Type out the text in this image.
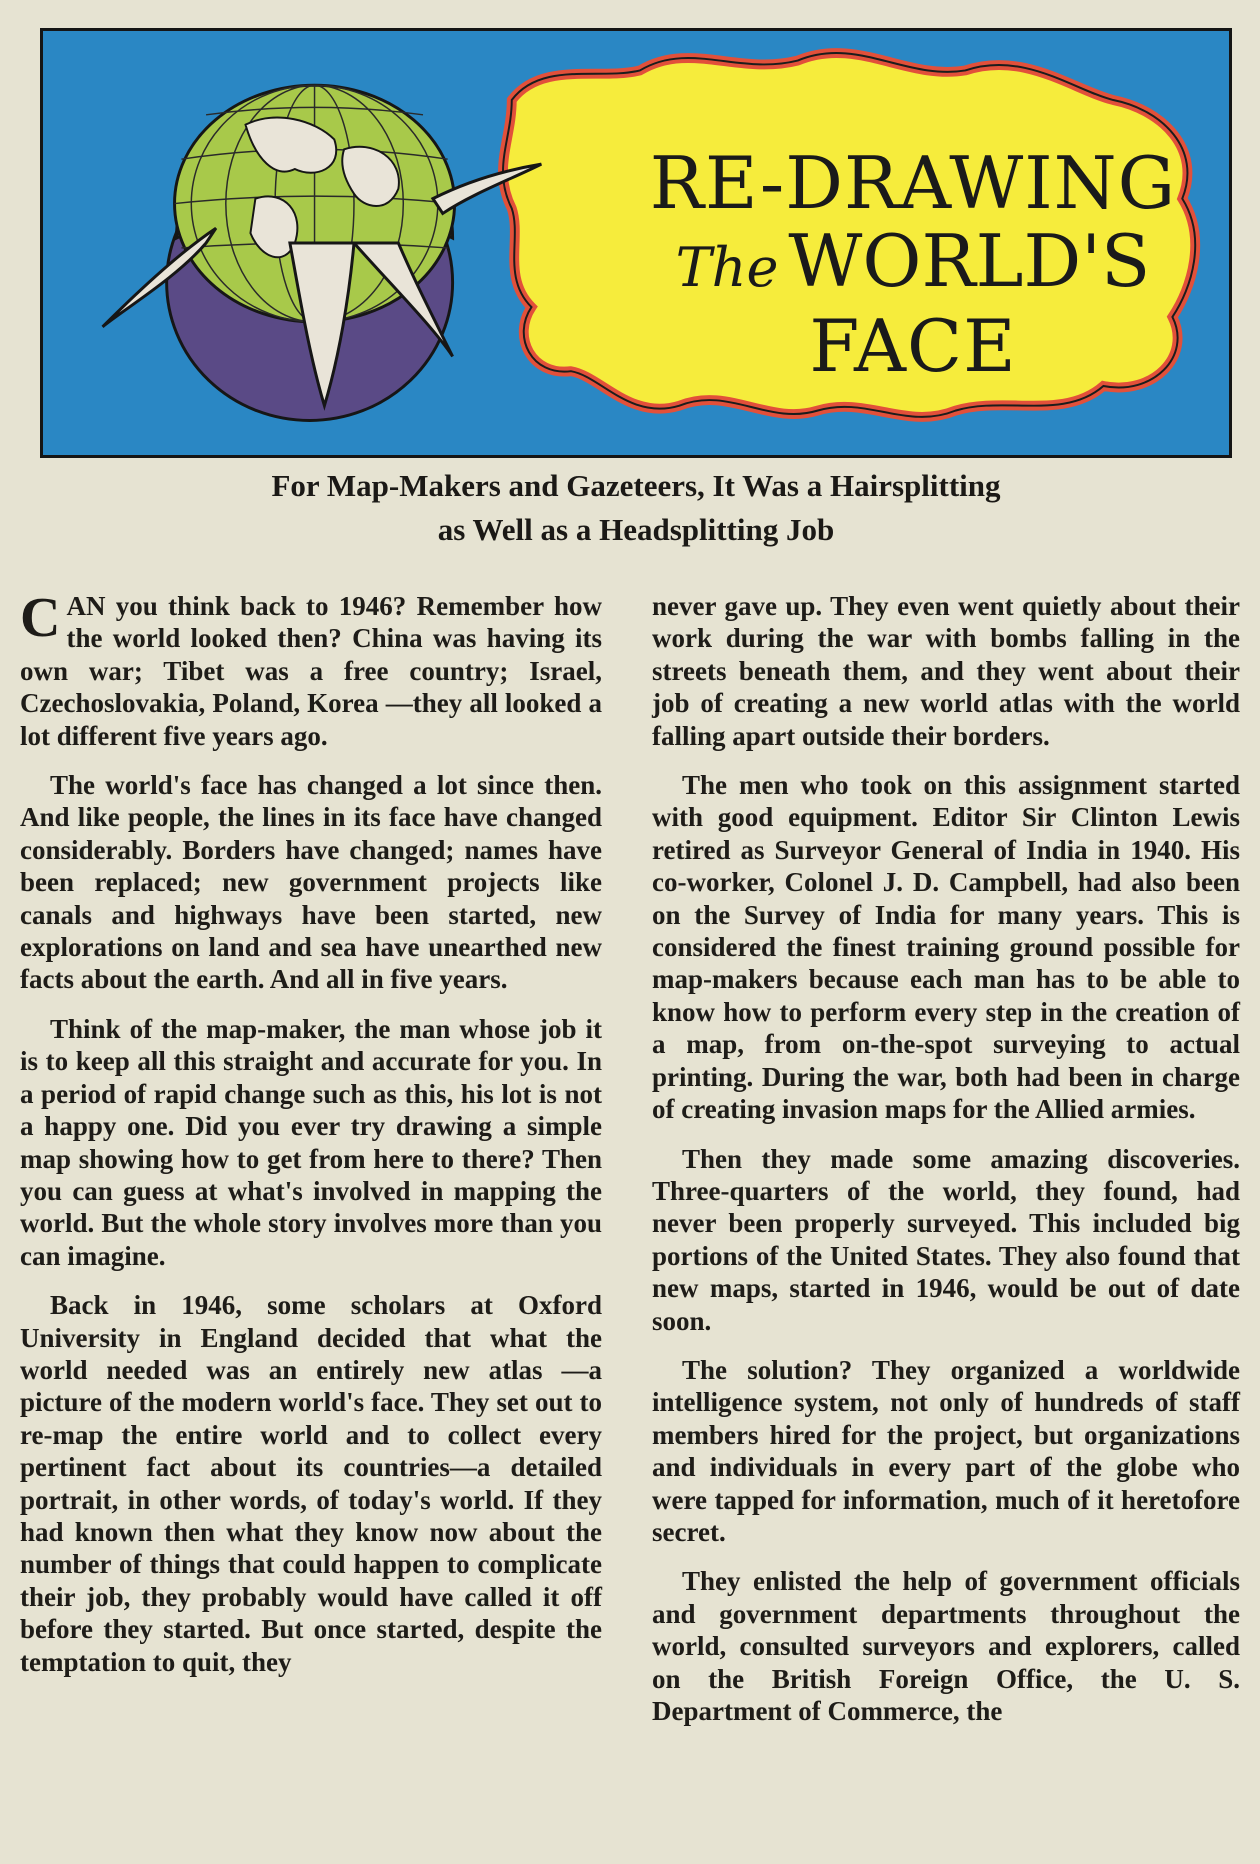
RE-DRAWING
The WORLD'S
FACE
For Map-Makers and Gazeteers, It Was a Hairsplitting
as Well as a Headsplitting Job

CAN you think back to 1946? Remember how the world looked then? China was having its own war; Tibet was a free country; Israel, Czechoslovakia, Poland, Korea —they all looked a lot different five years ago.

The world's face has changed a lot since then. And like people, the lines in its face have changed considerably. Borders have changed; names have been replaced; new government projects like canals and highways have been started, new explorations on land and sea have unearthed new facts about the earth. And all in five years.

Think of the map-maker, the man whose job it is to keep all this straight and accurate for you. In a period of rapid change such as this, his lot is not a happy one. Did you ever try drawing a simple map showing how to get from here to there? Then you can guess at what's involved in mapping the world. But the whole story involves more than you can imagine.

Back in 1946, some scholars at Oxford University in England decided that what the world needed was an entirely new atlas —a picture of the modern world's face. They set out to re-map the entire world and to collect every pertinent fact about its countries—a detailed portrait, in other words, of today's world. If they had known then what they know now about the number of things that could happen to complicate their job, they probably would have called it off before they started. But once started, despite the temptation to quit, they

never gave up. They even went quietly about their work during the war with bombs falling in the streets beneath them, and they went about their job of creating a new world atlas with the world falling apart outside their borders.

The men who took on this assignment started with good equipment. Editor Sir Clinton Lewis retired as Surveyor General of India in 1940. His co-worker, Colonel J. D. Campbell, had also been on the Survey of India for many years. This is considered the finest training ground possible for map-makers because each man has to be able to know how to perform every step in the creation of a map, from on-the-spot surveying to actual printing. During the war, both had been in charge of creating invasion maps for the Allied armies.

Then they made some amazing discoveries. Three-quarters of the world, they found, had never been properly surveyed. This included big portions of the United States. They also found that new maps, started in 1946, would be out of date soon.

The solution? They organized a worldwide intelligence system, not only of hundreds of staff members hired for the project, but organizations and individuals in every part of the globe who were tapped for information, much of it heretofore secret.

They enlisted the help of government officials and government departments throughout the world, consulted surveyors and explorers, called on the British Foreign Office, the U. S. Department of Commerce, the
